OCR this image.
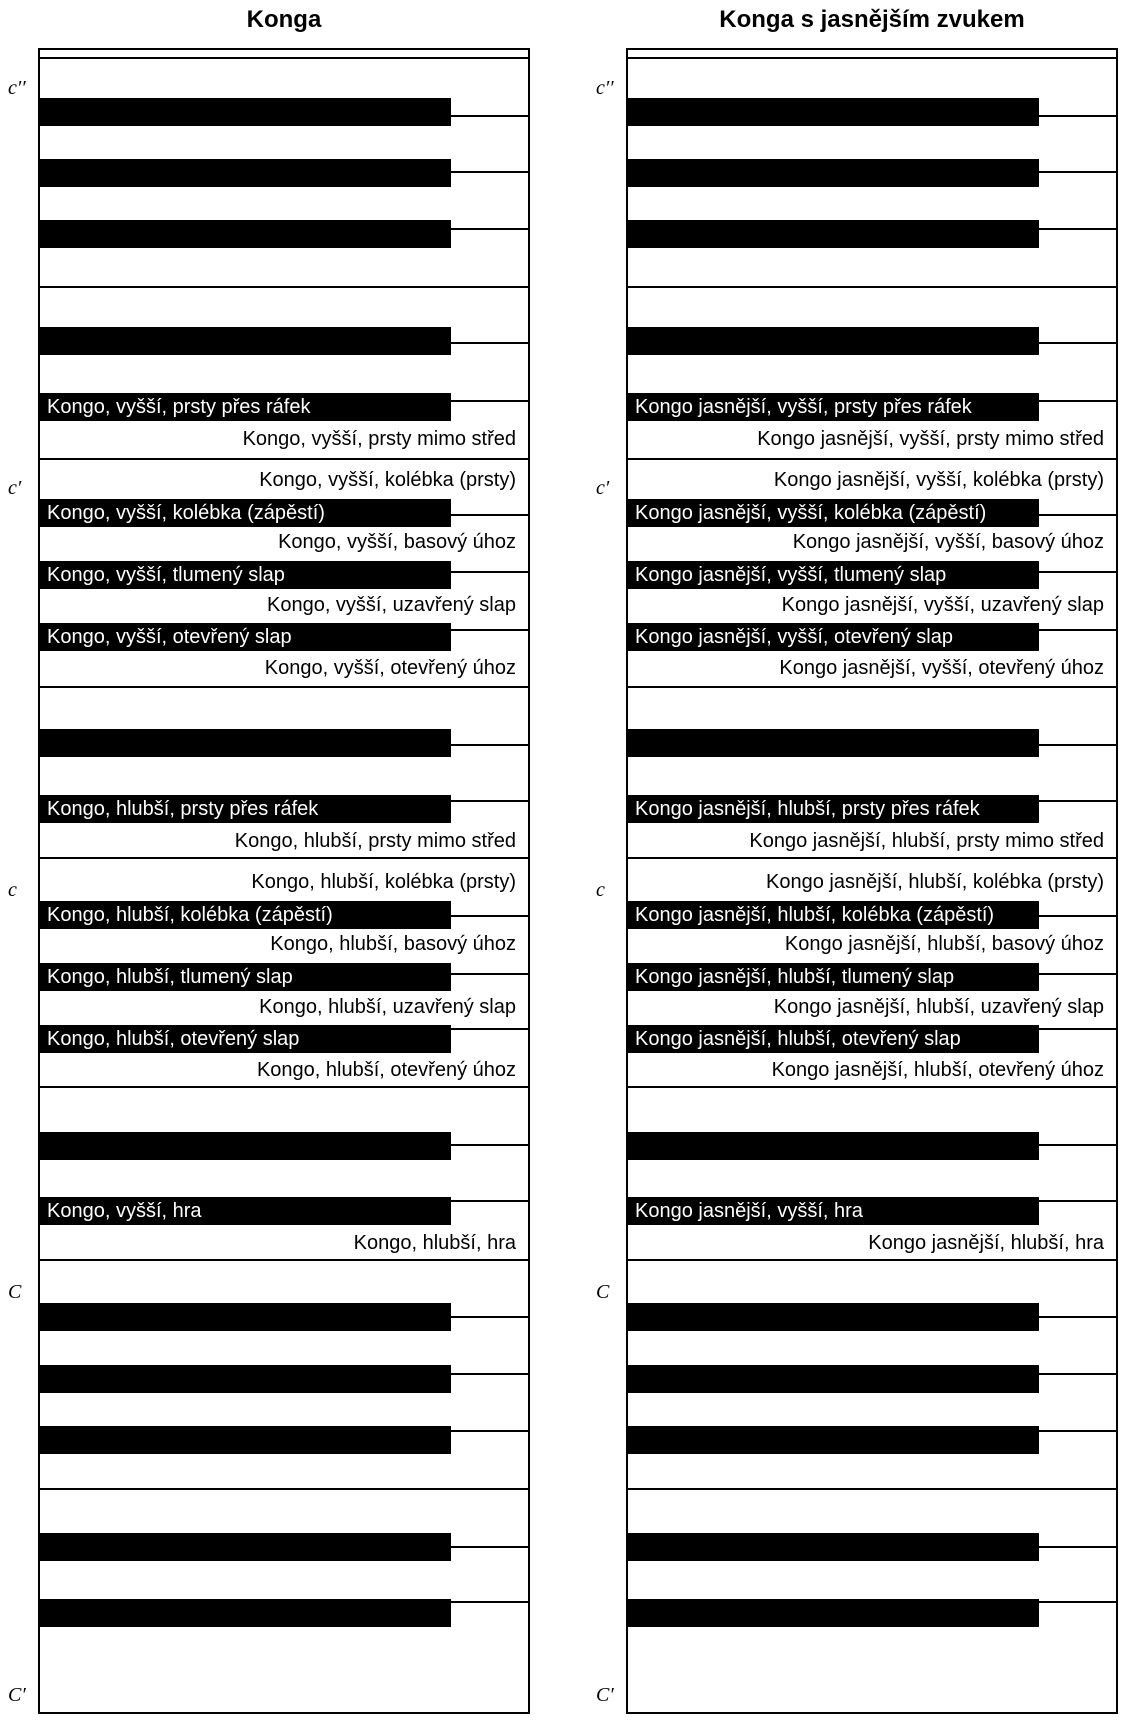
Konga
Kongo, vyšší, prsty přes ráfek
Kongo, vyšší, kolébka (zápěstí)
Kongo, vyšší, tlumený slap
Kongo, vyšší, otevřený slap
Kongo, hlubší, prsty přes ráfek
Kongo, hlubší, kolébka (zápěstí)
Kongo, hlubší, tlumený slap
Kongo, hlubší, otevřený slap
Kongo, vyšší, hra
Kongo, vyšší, prsty mimo střed
Kongo, vyšší, kolébka (prsty)
Kongo, vyšší, basový úhoz
Kongo, vyšší, uzavřený slap
Kongo, vyšší, otevřený úhoz
Kongo, hlubší, prsty mimo střed
Kongo, hlubší, kolébka (prsty)
Kongo, hlubší, basový úhoz
Kongo, hlubší, uzavřený slap
Kongo, hlubší, otevřený úhoz
Kongo, hlubší, hra
c′′
c′
c
C
C′
Konga s jasnějším zvukem
Kongo jasnější, vyšší, prsty přes ráfek
Kongo jasnější, vyšší, kolébka (zápěstí)
Kongo jasnější, vyšší, tlumený slap
Kongo jasnější, vyšší, otevřený slap
Kongo jasnější, hlubší, prsty přes ráfek
Kongo jasnější, hlubší, kolébka (zápěstí)
Kongo jasnější, hlubší, tlumený slap
Kongo jasnější, hlubší, otevřený slap
Kongo jasnější, vyšší, hra
Kongo jasnější, vyšší, prsty mimo střed
Kongo jasnější, vyšší, kolébka (prsty)
Kongo jasnější, vyšší, basový úhoz
Kongo jasnější, vyšší, uzavřený slap
Kongo jasnější, vyšší, otevřený úhoz
Kongo jasnější, hlubší, prsty mimo střed
Kongo jasnější, hlubší, kolébka (prsty)
Kongo jasnější, hlubší, basový úhoz
Kongo jasnější, hlubší, uzavřený slap
Kongo jasnější, hlubší, otevřený úhoz
Kongo jasnější, hlubší, hra
c′′
c′
c
C
C′
